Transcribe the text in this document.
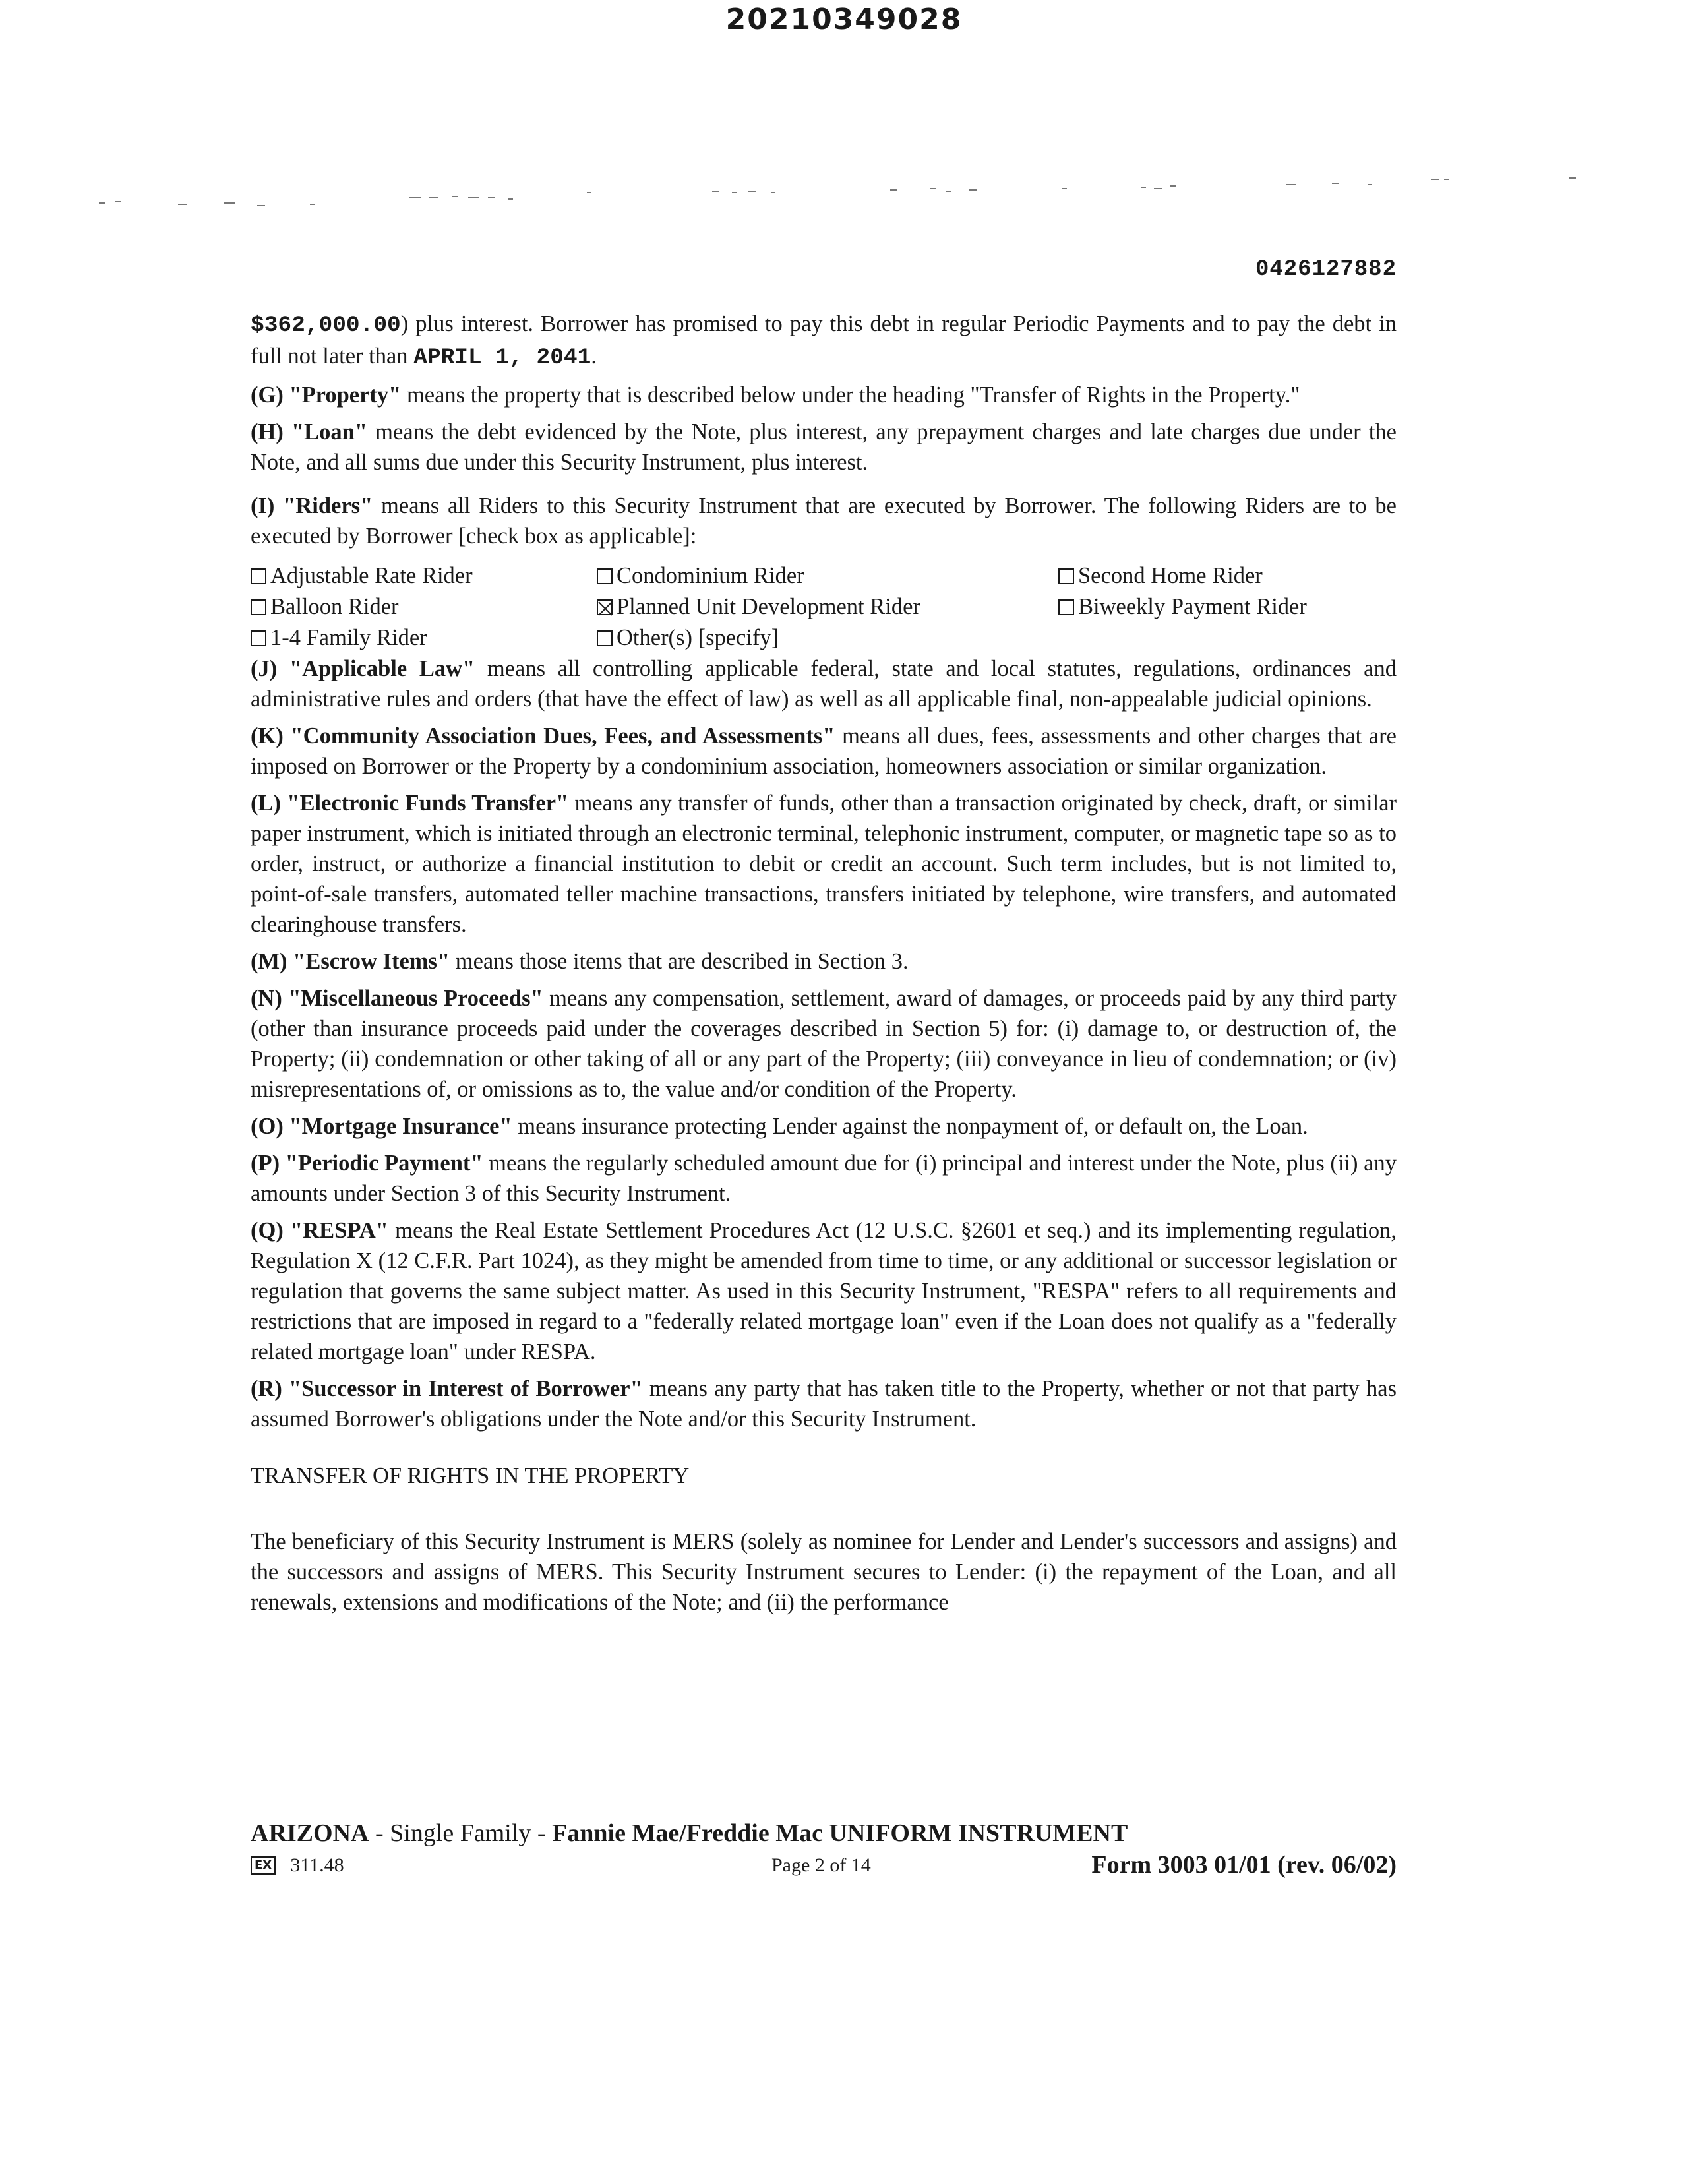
20210349028
0426127882

$362,000.00) plus interest. Borrower has promised to pay this debt in regular Periodic Payments and to pay the debt in full not later than APRIL 1, 2041.

(G) "Property" means the property that is described below under the heading "Transfer of Rights in the Property."

(H) "Loan" means the debt evidenced by the Note, plus interest, any prepayment charges and late charges due under the Note, and all sums due under this Security Instrument, plus interest.

(I) "Riders" means all Riders to this Security Instrument that are executed by Borrower. The following Riders are to be executed by Borrower [check box as applicable]:

Adjustable Rate Rider	Condominium Rider	Second Home Rider
Balloon Rider	Planned Unit Development Rider	Biweekly Payment Rider
1-4 Family Rider	Other(s) [specify]

(J) "Applicable Law" means all controlling applicable federal, state and local statutes, regulations, ordinances and administrative rules and orders (that have the effect of law) as well as all applicable final, non-appealable judicial opinions.

(K) "Community Association Dues, Fees, and Assessments" means all dues, fees, assessments and other charges that are imposed on Borrower or the Property by a condominium association, homeowners association or similar organization.

(L) "Electronic Funds Transfer" means any transfer of funds, other than a transaction originated by check, draft, or similar paper instrument, which is initiated through an electronic terminal, telephonic instrument, computer, or magnetic tape so as to order, instruct, or authorize a financial institution to debit or credit an account. Such term includes, but is not limited to, point-of-sale transfers, automated teller machine transactions, transfers initiated by telephone, wire transfers, and automated clearinghouse transfers.

(M) "Escrow Items" means those items that are described in Section 3.

(N) "Miscellaneous Proceeds" means any compensation, settlement, award of damages, or proceeds paid by any third party (other than insurance proceeds paid under the coverages described in Section 5) for: (i) damage to, or destruction of, the Property; (ii) condemnation or other taking of all or any part of the Property; (iii) conveyance in lieu of condemnation; or (iv) misrepresentations of, or omissions as to, the value and/or condition of the Property.

(O) "Mortgage Insurance" means insurance protecting Lender against the nonpayment of, or default on, the Loan.

(P) "Periodic Payment" means the regularly scheduled amount due for (i) principal and interest under the Note, plus (ii) any amounts under Section 3 of this Security Instrument.

(Q) "RESPA" means the Real Estate Settlement Procedures Act (12 U.S.C. §2601 et seq.) and its implementing regulation, Regulation X (12 C.F.R. Part 1024), as they might be amended from time to time, or any additional or successor legislation or regulation that governs the same subject matter. As used in this Security Instrument, "RESPA" refers to all requirements and restrictions that are imposed in regard to a "federally related mortgage loan" even if the Loan does not qualify as a "federally related mortgage loan" under RESPA.

(R) "Successor in Interest of Borrower" means any party that has taken title to the Property, whether or not that party has assumed Borrower's obligations under the Note and/or this Security Instrument.

TRANSFER OF RIGHTS IN THE PROPERTY

The beneficiary of this Security Instrument is MERS (solely as nominee for Lender and Lender's successors and assigns) and the successors and assigns of MERS. This Security Instrument secures to Lender: (i) the repayment of the Loan, and all renewals, extensions and modifications of the Note; and (ii) the performance

ARIZONA - Single Family - Fannie Mae/Freddie Mac UNIFORM INSTRUMENT
EX 311.48	Page 2 of 14	Form 3003 01/01 (rev. 06/02)
